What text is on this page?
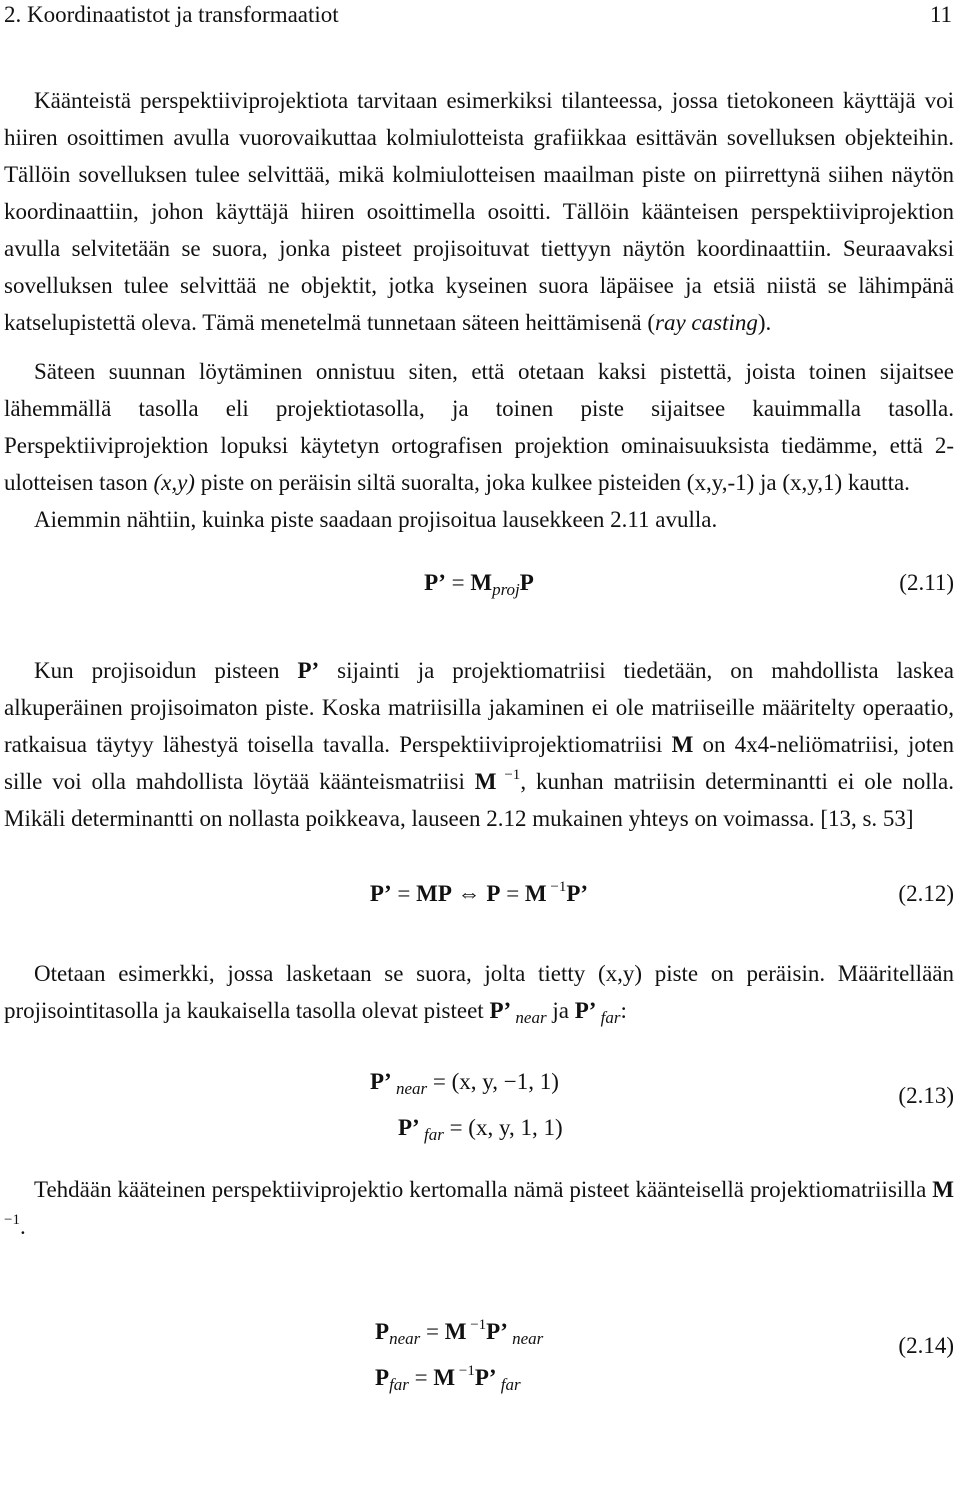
2. Koordinaatistot ja transformaatiot	11

Käänteistä perspektiiviprojektiota tarvitaan esimerkiksi tilanteessa, jossa tietokoneen käyttäjä voi hiiren osoittimen avulla vuorovaikuttaa kolmiulotteista grafiikkaa esittävän sovelluksen objekteihin. Tällöin sovelluksen tulee selvittää, mikä kolmiulotteisen maailman piste on piirrettynä siihen näytön koordinaattiin, johon käyttäjä hiiren osoittimella osoitti. Tällöin käänteisen perspektiiviprojektion avulla selvitetään se suora, jonka pisteet projisoituvat tiettyyn näytön koordinaattiin. Seuraavaksi sovelluksen tulee selvittää ne objektit, jotka kyseinen suora läpäisee ja etsiä niistä se lähimpänä katselupistettä oleva. Tämä menetelmä tunnetaan säteen heittämisenä (ray casting).

Säteen suunnan löytäminen onnistuu siten, että otetaan kaksi pistettä, joista toinen sijaitsee lähemmällä tasolla eli projektiotasolla, ja toinen piste sijaitsee kauimmalla tasolla. Perspektiiviprojektion lopuksi käytetyn ortografisen projektion ominaisuuksista tiedämme, että 2-ulotteisen tason (x,y) piste on peräisin siltä suoralta, joka kulkee pisteiden (x,y,-1) ja (x,y,1) kautta.

Aiemmin nähtiin, kuinka piste saadaan projisoitua lausekkeen 2.11 avulla.

P’ = $M_{proj}P$	(2.11)

Kun projisoidun pisteen P’ sijainti ja projektiomatriisi tiedetään, on mahdollista laskea alkuperäinen projisoimaton piste. Koska matriisilla jakaminen ei ole matriiseille määritelty operaatio, ratkaisua täytyy lähestyä toisella tavalla. Perspektiiviprojektiomatriisi M on 4x4-neliömatriisi, joten sille voi olla mahdollista löytää käänteismatriisi M $^{-1}$, kunhan matriisin determinantti ei ole nolla. Mikäli determinantti on nollasta poikkeava, lauseen 2.12 mukainen yhteys on voimassa. [13, s. 53]

P’ = MP ⇔ P = M $^{-1}$P’	(2.12)

Otetaan esimerkki, jossa lasketaan se suora, jolta tietty (x,y) piste on peräisin. Määritellään projisointitasolla ja kaukaisella tasolla olevat pisteet P’ $_{near}$ ja P’ $_{far}$:

P’ $_{near}$ = (x, y, −1, 1)
P’ $_{far}$ = (x, y, 1, 1)
(2.13)

Tehdään kääteinen perspektiiviprojektio kertomalla nämä pisteet käänteisellä projektiomatriisilla M $^{-1}$.

$P_{near} = M$ $^{-1}$P’ $_{near}$
$P_{far} = M$ $^{-1}$P’ $_{far}$
(2.14)
